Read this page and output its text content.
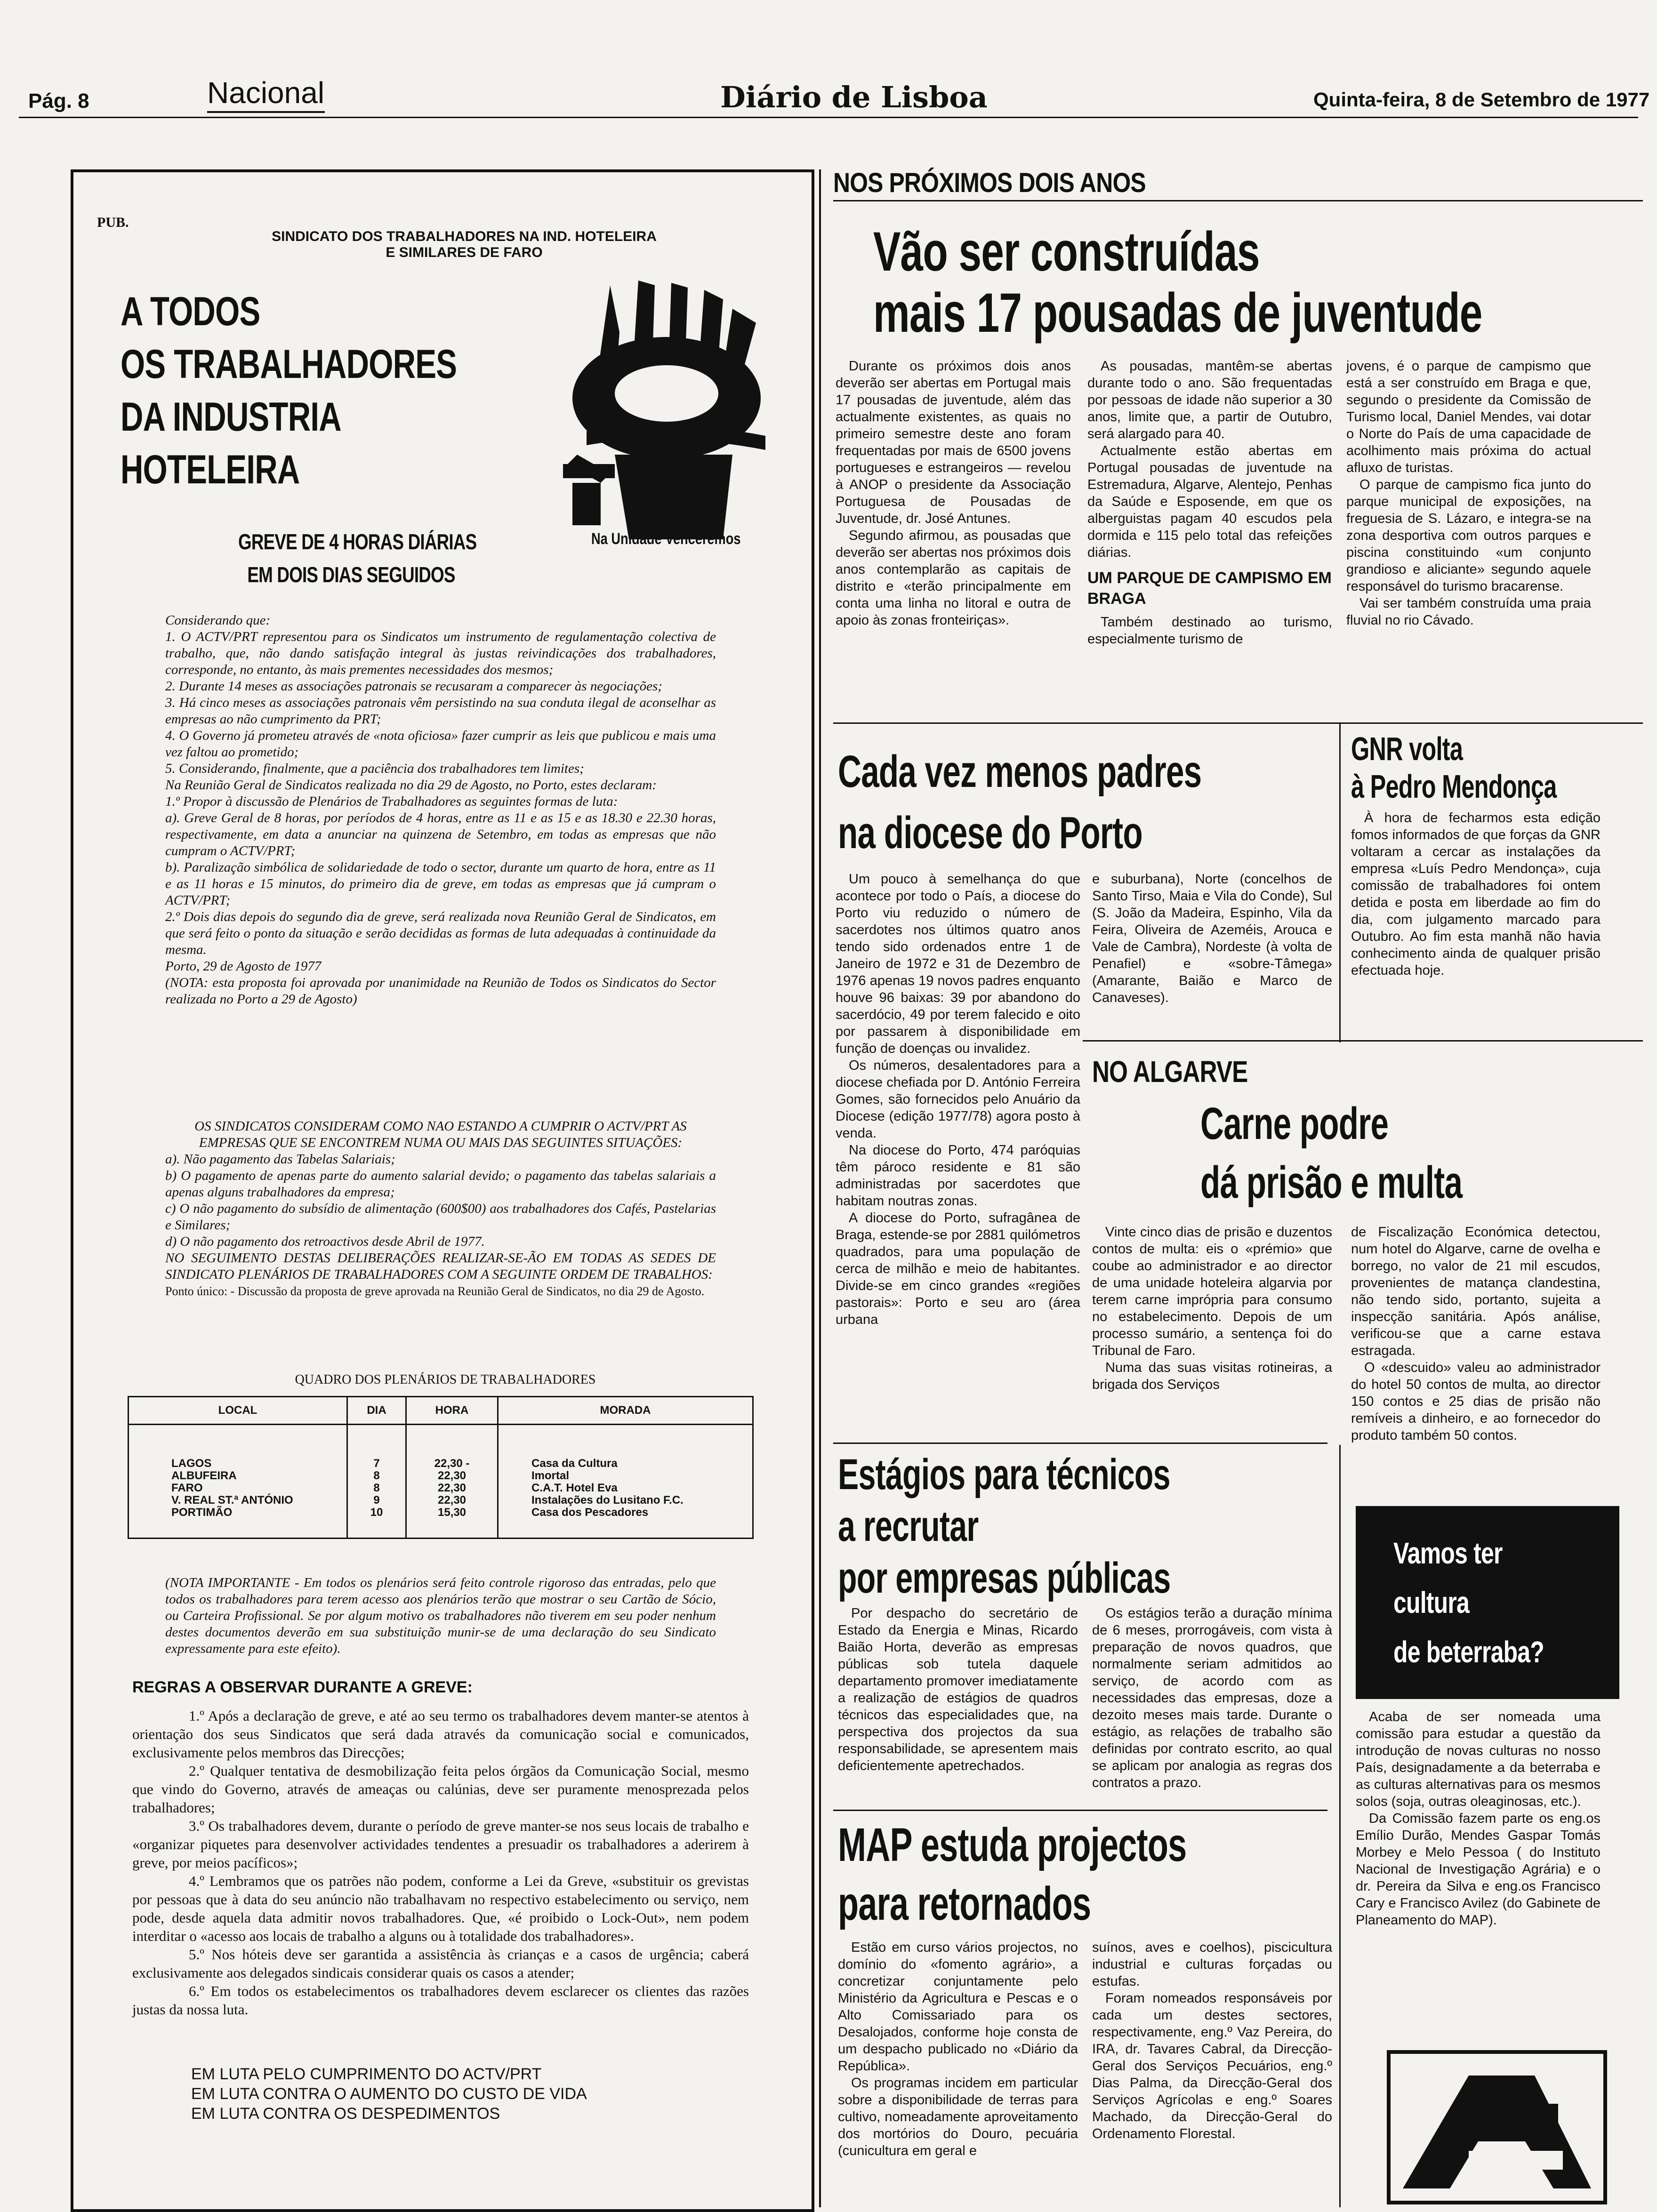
Pág. 8	Nacional	Diário de Lisboa	Quinta-feira, 8 de Setembro de 1977
PUB.
SINDICATO DOS TRABALHADORES NA IND. HOTELEIRA
E SIMILARES DE FARO
A TODOS
OS TRABALHADORES
DA INDUSTRIA
HOTELEIRA
Na Unidade Venceremos
GREVE DE 4 HORAS DIÁRIAS
EM DOIS DIAS SEGUIDOS

Considerando que:

1. O ACTV/PRT representou para os Sindicatos um instrumento de regulamentação colectiva de trabalho, que, não dando satisfação integral às justas reivindicações dos trabalhadores, corresponde, no entanto, às mais prementes necessidades dos mesmos;

2. Durante 14 meses as associações patronais se recusaram a comparecer às negociações;

3. Há cinco meses as associações patronais vêm persistindo na sua conduta ilegal de aconselhar as empresas ao não cumprimento da PRT;

4. O Governo já prometeu através de «nota oficiosa» fazer cumprir as leis que publicou e mais uma vez faltou ao prometido;

5. Considerando, finalmente, que a paciência dos trabalhadores tem limites;

Na Reunião Geral de Sindicatos realizada no dia 29 de Agosto, no Porto, estes declaram:

1.º Propor à discussão de Plenários de Trabalhadores as seguintes formas de luta:

a). Greve Geral de 8 horas, por períodos de 4 horas, entre as 11 e as 15 e as 18.30 e 22.30 horas, respectivamente, em data a anunciar na quinzena de Setembro, em todas as empresas que não cumpram o ACTV/PRT;

b). Paralização simbólica de solidariedade de todo o sector, durante um quarto de hora, entre as 11 e as 11 horas e 15 minutos, do primeiro dia de greve, em todas as empresas que já cumpram o ACTV/PRT;

2.º Dois dias depois do segundo dia de greve, será realizada nova Reunião Geral de Sindicatos, em que será feito o ponto da situação e serão decididas as formas de luta adequadas à continuidade da mesma.

Porto, 29 de Agosto de 1977

(NOTA: esta proposta foi aprovada por unanimidade na Reunião de Todos os Sindicatos do Sector realizada no Porto a 29 de Agosto)

OS SINDICATOS CONSIDERAM COMO NAO ESTANDO A CUMPRIR O ACTV/PRT AS EMPRESAS QUE SE ENCONTREM NUMA OU MAIS DAS SEGUINTES SITUAÇÕES:

a). Não pagamento das Tabelas Salariais;

b) O pagamento de apenas parte do aumento salarial devido; o pagamento das tabelas salariais a apenas alguns trabalhadores da empresa;

c) O não pagamento do subsídio de alimentação (600$00) aos trabalhadores dos Cafés, Pastelarias e Similares;

d) O não pagamento dos retroactivos desde Abril de 1977.

NO SEGUIMENTO DESTAS DELIBERAÇÕES REALIZAR-SE-ÃO EM TODAS AS SEDES DE SINDICATO PLENÁRIOS DE TRABALHADORES COM A SEGUINTE ORDEM DE TRABALHOS:

Ponto único: - Discussão da proposta de greve aprovada na Reunião Geral de Sindicatos, no dia 29 de Agosto.

QUADRO DOS PLENÁRIOS DE TRABALHADORES
LOCAL	DIA	HORA	MORADA

LAGOS	7	22,30 -	Casa da Cultura
ALBUFEIRA	8	22,30	Imortal
FARO	8	22,30	C.A.T. Hotel Eva
V. REAL ST.ª ANTÓNIO	9	22,30	Instalações do Lusitano F.C.
PORTIMÃO	10	15,30	Casa dos Pescadores
(NOTA IMPORTANTE - Em todos os plenários será feito controle rigoroso das entradas, pelo que todos os trabalhadores para terem acesso aos plenários terão que mostrar o seu Cartão de Sócio, ou Carteira Profissional. Se por algum motivo os trabalhadores não tiverem em seu poder nenhum destes documentos deverão em sua substituição munir-se de uma declaração do seu Sindicato expressamente para este efeito).
REGRAS A OBSERVAR DURANTE A GREVE:

1.º Após a declaração de greve, e até ao seu termo os trabalhadores devem manter-se atentos à orientação dos seus Sindicatos que será dada através da comunicação social e comunicados, exclusivamente pelos membros das Direcções;

2.º Qualquer tentativa de desmobilização feita pelos órgãos da Comunicação Social, mesmo que vindo do Governo, através de ameaças ou calúnias, deve ser puramente menosprezada pelos trabalhadores;

3.º Os trabalhadores devem, durante o período de greve manter-se nos seus locais de trabalho e «organizar piquetes para desenvolver actividades tendentes a presuadir os trabalhadores a aderirem à greve, por meios pacíficos»;

4.º Lembramos que os patrões não podem, conforme a Lei da Greve, «substituir os grevistas por pessoas que à data do seu anúncio não trabalhavam no respectivo estabelecimento ou serviço, nem pode, desde aquela data admitir novos trabalhadores. Que, «é proibido o Lock-Out», nem podem interditar o «acesso aos locais de trabalho a alguns ou à totalidade dos trabalhadores».

5.º Nos hóteis deve ser garantida a assistência às crianças e a casos de urgência; caberá exclusivamente aos delegados sindicais considerar quais os casos a atender;

6.º Em todos os estabelecimentos os trabalhadores devem esclarecer os clientes das razões justas da nossa luta.

EM LUTA PELO CUMPRIMENTO DO ACTV/PRT
EM LUTA CONTRA O AUMENTO DO CUSTO DE VIDA
EM LUTA CONTRA OS DESPEDIMENTOS
NOS PRÓXIMOS DOIS ANOS
Vão ser construídas
mais 17 pousadas de juventude

Durante os próximos dois anos deverão ser abertas em Portugal mais 17 pousadas de juventude, além das actualmente existentes, as quais no primeiro semestre deste ano foram frequentadas por mais de 6500 jovens portugueses e estrangeiros — revelou à ANOP o presidente da Associação Portuguesa de Pousadas de Juventude, dr. José Antunes.

Segundo afirmou, as pousadas que deverão ser abertas nos próximos dois anos contemplarão as capitais de distrito e «terão principalmente em conta uma linha no litoral e outra de apoio às zonas fronteiriças».

As pousadas, mantêm-se abertas durante todo o ano. São frequentadas por pessoas de idade não superior a 30 anos, limite que, a partir de Outubro, será alargado para 40.

Actualmente estão abertas em Portugal pousadas de juventude na Estremadura, Algarve, Alentejo, Penhas da Saúde e Esposende, em que os alberguistas pagam 40 escudos pela dormida e 115 pelo total das refeições diárias.

UM PARQUE DE CAMPISMO EM BRAGA

Também destinado ao turismo, especialmente turismo de

jovens, é o parque de campismo que está a ser construído em Braga e que, segundo o presidente da Comissão de Turismo local, Daniel Mendes, vai dotar o Norte do País de uma capacidade de acolhimento mais próxima do actual afluxo de turistas.

O parque de campismo fica junto do parque municipal de exposições, na freguesia de S. Lázaro, e integra-se na zona desportiva com outros parques e piscina constituindo «um conjunto grandioso e aliciante» segundo aquele responsável do turismo bracarense.

Vai ser também construída uma praia fluvial no rio Cávado.

Cada vez menos padres
na diocese do Porto

Um pouco à semelhança do que acontece por todo o País, a diocese do Porto viu reduzido o número de sacerdotes nos últimos quatro anos tendo sido ordenados entre 1 de Janeiro de 1972 e 31 de Dezembro de 1976 apenas 19 novos padres enquanto houve 96 baixas: 39 por abandono do sacerdócio, 49 por terem falecido e oito por passarem à disponibilidade em função de doenças ou invalidez.

Os números, desalentadores para a diocese chefiada por D. António Ferreira Gomes, são fornecidos pelo Anuário da Diocese (edição 1977/78) agora posto à venda.

Na diocese do Porto, 474 paróquias têm pároco residente e 81 são administradas por sacerdotes que habitam noutras zonas.

A diocese do Porto, sufragânea de Braga, estende-se por 2881 quilómetros quadrados, para uma população de cerca de milhão e meio de habitantes. Divide-se em cinco grandes «regiões pastorais»: Porto e seu aro (área urbana

e suburbana), Norte (concelhos de Santo Tirso, Maia e Vila do Conde), Sul (S. João da Madeira, Espinho, Vila da Feira, Oliveira de Azeméis, Arouca e Vale de Cambra), Nordeste (à volta de Penafiel) e «sobre-Tâmega» (Amarante, Baião e Marco de Canaveses).

GNR volta
à Pedro Mendonça

À hora de fecharmos esta edição fomos informados de que forças da GNR voltaram a cercar as instalações da empresa «Luís Pedro Mendonça», cuja comissão de trabalhadores foi ontem detida e posta em liberdade ao fim do dia, com julgamento marcado para Outubro. Ao fim esta manhã não havia conhecimento ainda de qualquer prisão efectuada hoje.

NO ALGARVE
Carne podre
dá prisão e multa

Vinte cinco dias de prisão e duzentos contos de multa: eis o «prémio» que coube ao administrador e ao director de uma unidade hoteleira algarvia por terem carne imprópria para consumo no estabelecimento. Depois de um processo sumário, a sentença foi do Tribunal de Faro.

Numa das suas visitas rotineiras, a brigada dos Serviços

de Fiscalização Económica detectou, num hotel do Algarve, carne de ovelha e borrego, no valor de 21 mil escudos, provenientes de matança clandestina, não tendo sido, portanto, sujeita a inspecção sanitária. Após análise, verificou-se que a carne estava estragada.

O «descuido» valeu ao administrador do hotel 50 contos de multa, ao director 150 contos e 25 dias de prisão não remíveis a dinheiro, e ao fornecedor do produto também 50 contos.

Estágios para técnicos
a recrutar
por empresas públicas

Por despacho do secretário de Estado da Energia e Minas, Ricardo Baião Horta, deverão as empresas públicas sob tutela daquele departamento promover imediatamente a realização de estágios de quadros técnicos das especialidades que, na perspectiva dos projectos da sua responsabilidade, se apresentem mais deficientemente apetrechados.

Os estágios terão a duração mínima de 6 meses, prorrogáveis, com vista à preparação de novos quadros, que normalmente seriam admitidos ao serviço, de acordo com as necessidades das empresas, doze a dezoito meses mais tarde. Durante o estágio, as relações de trabalho são definidas por contrato escrito, ao qual se aplicam por analogia as regras dos contratos a prazo.

MAP estuda projectos
para retornados

Estão em curso vários projectos, no domínio do «fomento agrário», a concretizar conjuntamente pelo Ministério da Agricultura e Pescas e o Alto Comissariado para os Desalojados, conforme hoje consta de um despacho publicado no «Diário da República».

Os programas incidem em particular sobre a disponibilidade de terras para cultivo, nomeadamente aproveitamento dos mortórios do Douro, pecuária (cunicultura em geral e

suínos, aves e coelhos), piscicultura industrial e culturas forçadas ou estufas.

Foram nomeados responsáveis por cada um destes sectores, respectivamente, eng.º Vaz Pereira, do IRA, dr. Tavares Cabral, da Direcção-Geral dos Serviços Pecuários, eng.º Dias Palma, da Direcção-Geral dos Serviços Agrícolas e eng.º Soares Machado, da Direcção-Geral do Ordenamento Florestal.

Vamos ter
cultura
de beterraba?

Acaba de ser nomeada uma comissão para estudar a questão da introdução de novas culturas no nosso País, designadamente a da beterraba e as culturas alternativas para os mesmos solos (soja, outras oleaginosas, etc.).

Da Comissão fazem parte os eng.os Emílio Durão, Mendes Gaspar Tomás Morbey e Melo Pessoa ( do Instituto Nacional de Investigação Agrária) e o dr. Pereira da Silva e eng.os Francisco Cary e Francisco Avilez (do Gabinete de Planeamento do MAP).
